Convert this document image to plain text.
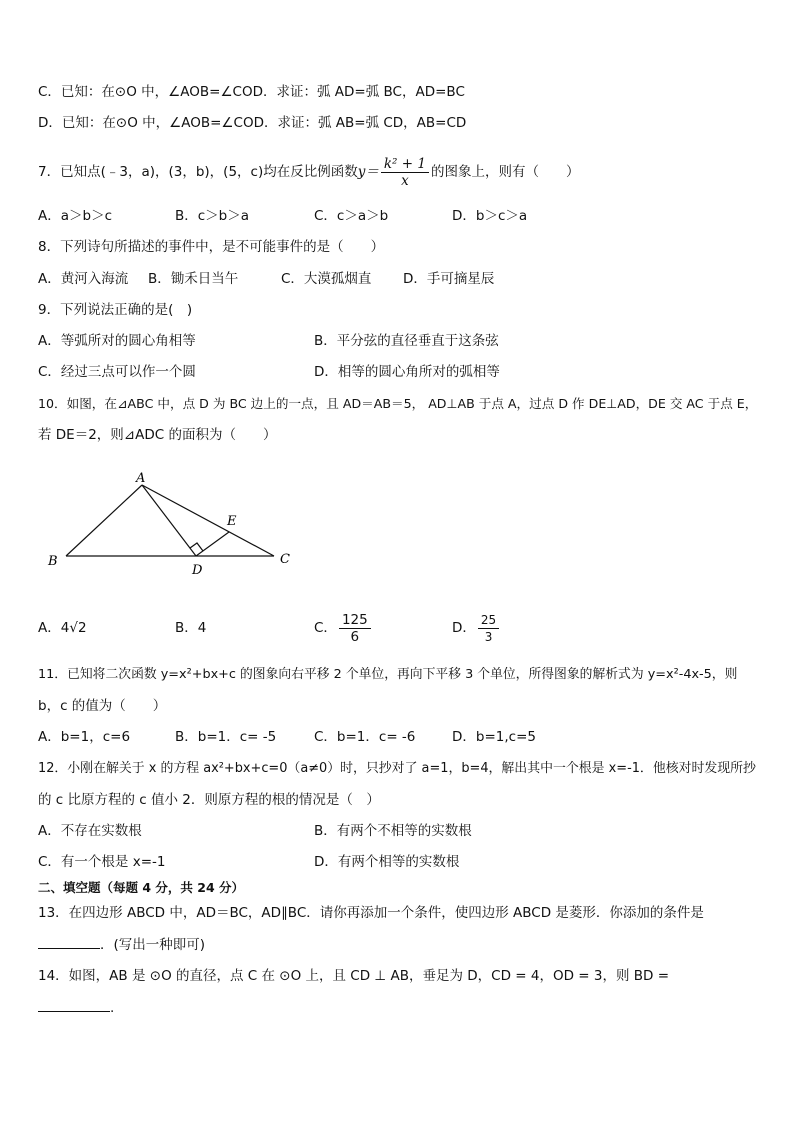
C．已知：在⊙O 中，∠AOB=∠COD．求证：弧 AD=弧 BC，AD=BC
D．已知：在⊙O 中，∠AOB=∠COD．求证：弧 AB=弧 CD，AB=CD
7．已知点(﹣3，a)，(3，b)，(5，c)均在反比例函数$y= \frac{\text{k² + 1}}{x}$ 的图象上，则有（　　）
A．a＞b＞c	B．c＞b＞a	C．c＞a＞b	D．b＞c＞a
8．下列诗句所描述的事件中，是不可能事件的是（　　）
A．黄河入海流 B．锄禾日当午	C．大漠孤烟直 D．手可摘星辰
9．下列说法正确的是(　)
A．等弧所对的圆心角相等	B．平分弦的直径垂直于这条弦
C．经过三点可以作一个圆	D．相等的圆心角所对的弧相等
10．如图，在⊿ABC 中，点 D 为 BC 边上的一点，且 AD＝AB＝5， AD⊥AB 于点 A，过点 D 作 DE⊥AD，DE 交 AC 于点 E，
若 DE＝2，则⊿ADC 的面积为（　　）
A
B	C
D
E
A．4√2	B．4	C． $\frac{125}{6}$	D． $\frac{25}{3}$
11．已知将二次函数 y=x²+bx+c 的图象向右平移 2 个单位，再向下平移 3 个单位，所得图象的解析式为 y=x²-4x-5，则
b，c 的值为（　　）
A．b=1，c=6	B．b=1．c= -5	C．b=1．c= -6	D．b=1,c=5
12．小刚在解关于 x 的方程 ax²+bx+c=0（a≠0）时，只抄对了 a=1，b=4，解出其中一个根是 x=-1．他核对时发现所抄
的 c 比原方程的 c 值小 2．则原方程的根的情况是（　）
A．不存在实数根	B．有两个不相等的实数根
C．有一个根是 x=-1	D．有两个相等的实数根
二、填空题（每题 4 分，共 24 分）
13．在四边形 ABCD 中，AD＝BC，AD∥BC．请你再添加一个条件，使四边形 ABCD 是菱形．你添加的条件是
．(写出一种即可)
14．如图，AB 是 ⊙O 的直径，点 C 在 ⊙O 上，且 CD ⊥ AB，垂足为 D，CD = 4，OD = 3，则 BD =
.
